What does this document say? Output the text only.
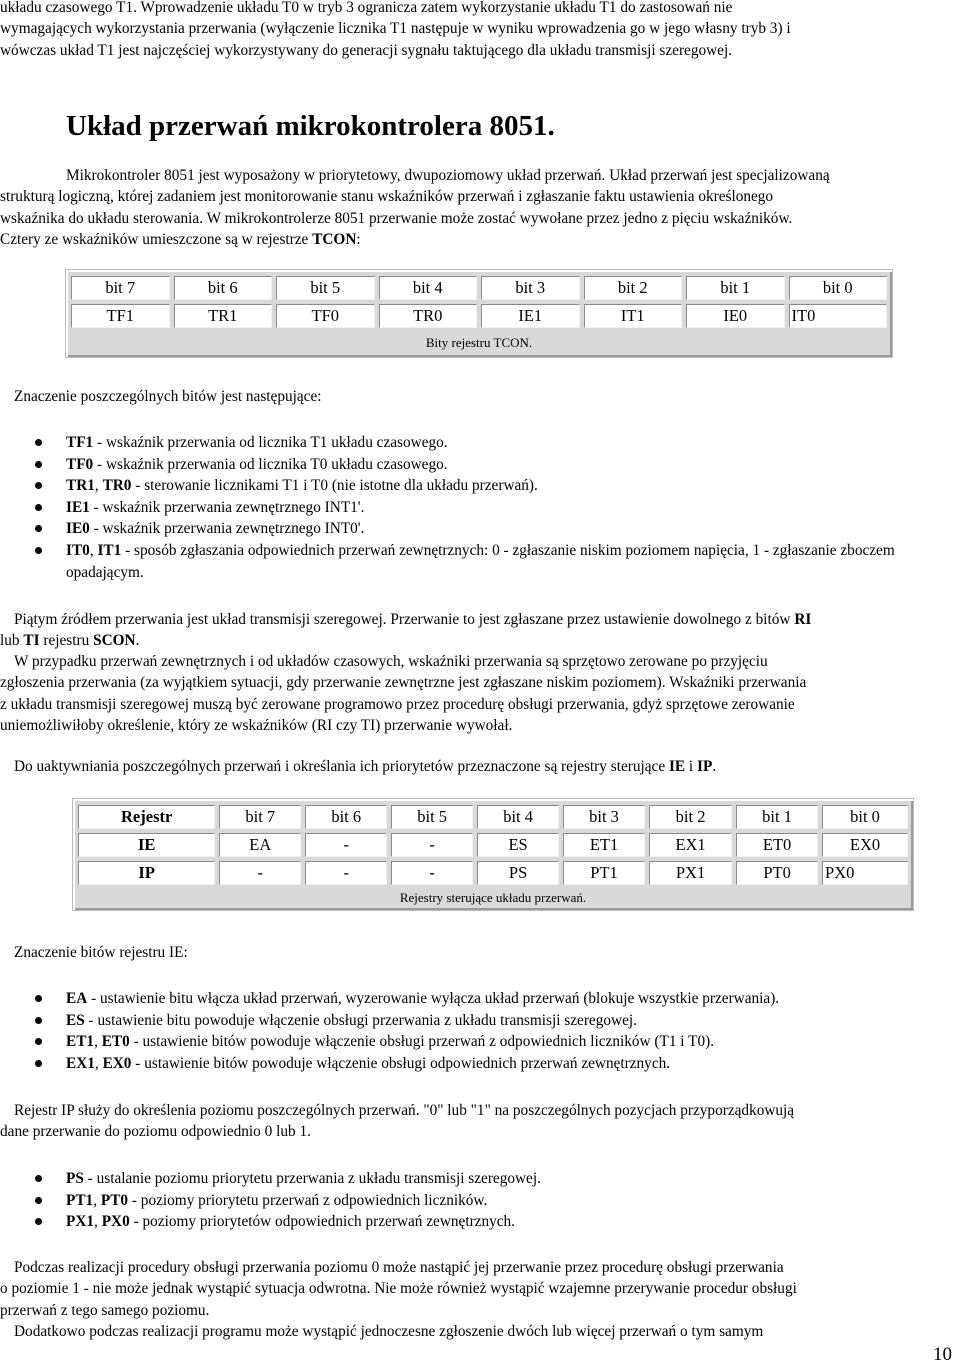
układu czasowego T1. Wprowadzenie układu T0 w tryb 3 ogranicza zatem wykorzystanie układu T1 do zastosowań nie
wymagających wykorzystania przerwania (wyłączenie licznika T1 następuje w wyniku wprowadzenia go w jego własny tryb 3) i
wówczas układ T1 jest najczęściej wykorzystywany do generacji sygnału taktującego dla układu transmisji szeregowej.

Układ przerwań mikrokontrolera 8051.

Mikrokontroler 8051 jest wyposażony w priorytetowy, dwupoziomowy układ przerwań. Układ przerwań jest specjalizowaną
strukturą logiczną, której zadaniem jest monitorowanie stanu wskaźników przerwań i zgłaszanie faktu ustawienia określonego
wskaźnika do układu sterowania. W mikrokontrolerze 8051 przerwanie może zostać wywołane przez jedno z pięciu wskaźników.
Cztery ze wskaźników umieszczone są w rejestrze TCON:

bit 7	bit 6	bit 5	bit 4	bit 3	bit 2	bit 1	bit 0
TF1	TR1	TF0	TR0	IE1	IT1	IE0	IT0
Bity rejestru TCON.

Znaczenie poszczególnych bitów jest następujące:

TF1 - wskaźnik przerwania od licznika T1 układu czasowego.
TF0 - wskaźnik przerwania od licznika T0 układu czasowego.
TR1, TR0 - sterowanie licznikami T1 i T0 (nie istotne dla układu przerwań).
IE1 - wskaźnik przerwania zewnętrznego INT1'.
IE0 - wskaźnik przerwania zewnętrznego INT0'.
IT0, IT1 - sposób zgłaszania odpowiednich przerwań zewnętrznych: 0 - zgłaszanie niskim poziomem napięcia, 1 - zgłaszanie zboczem opadającym.

Piątym źródłem przerwania jest układ transmisji szeregowej. Przerwanie to jest zgłaszane przez ustawienie dowolnego z bitów RI
lub TI rejestru SCON.

W przypadku przerwań zewnętrznych i od układów czasowych, wskaźniki przerwania są sprzętowo zerowane po przyjęciu
zgłoszenia przerwania (za wyjątkiem sytuacji, gdy przerwanie zewnętrzne jest zgłaszane niskim poziomem). Wskaźniki przerwania
z układu transmisji szeregowej muszą być zerowane programowo przez procedurę obsługi przerwania, gdyż sprzętowe zerowanie
uniemożliwiłoby określenie, który ze wskaźników (RI czy TI) przerwanie wywołał.

Do uaktywniania poszczególnych przerwań i określania ich priorytetów przeznaczone są rejestry sterujące IE i IP.

Rejestr	bit 7	bit 6	bit 5	bit 4	bit 3	bit 2	bit 1	bit 0
IE	EA	-	-	ES	ET1	EX1	ET0	EX0
IP	-	-	-	PS	PT1	PX1	PT0	PX0
Rejestry sterujące układu przerwań.

Znaczenie bitów rejestru IE:

EA - ustawienie bitu włącza układ przerwań, wyzerowanie wyłącza układ przerwań (blokuje wszystkie przerwania).
ES - ustawienie bitu powoduje włączenie obsługi przerwania z układu transmisji szeregowej.
ET1, ET0 - ustawienie bitów powoduje włączenie obsługi przerwań z odpowiednich liczników (T1 i T0).
EX1, EX0 - ustawienie bitów powoduje włączenie obsługi odpowiednich przerwań zewnętrznych.

Rejestr IP służy do określenia poziomu poszczególnych przerwań. "0" lub "1" na poszczególnych pozycjach przyporządkowują
dane przerwanie do poziomu odpowiednio 0 lub 1.

PS - ustalanie poziomu priorytetu przerwania z układu transmisji szeregowej.
PT1, PT0 - poziomy priorytetu przerwań z odpowiednich liczników.
PX1, PX0 - poziomy priorytetów odpowiednich przerwań zewnętrznych.

Podczas realizacji procedury obsługi przerwania poziomu 0 może nastąpić jej przerwanie przez procedurę obsługi przerwania
o poziomie 1 - nie może jednak wystąpić sytuacja odwrotna. Nie może również wystąpić wzajemne przerywanie procedur obsługi
przerwań z tego samego poziomu.
Dodatkowo podczas realizacji programu może wystąpić jednoczesne zgłoszenie dwóch lub więcej przerwań o tym samym

10
